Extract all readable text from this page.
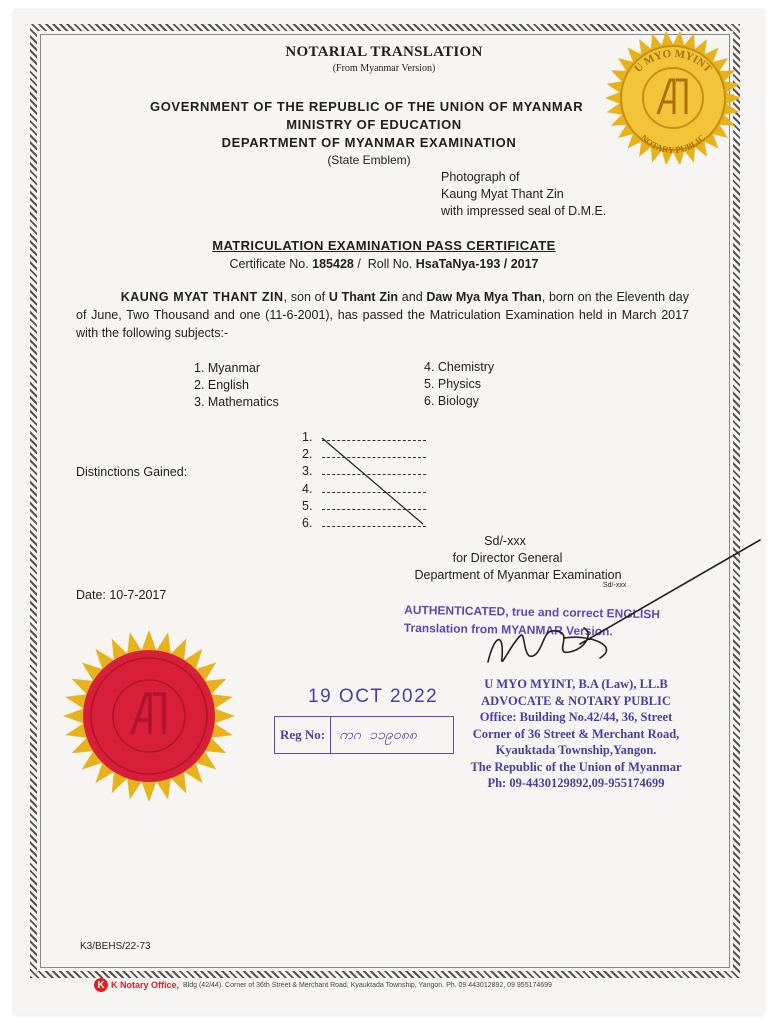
NOTARIAL TRANSLATION
(From Myanmar Version)
GOVERNMENT OF THE REPUBLIC OF THE UNION OF MYANMAR
MINISTRY OF EDUCATION
DEPARTMENT OF MYANMAR EXAMINATION
(State Emblem)
Photograph of
Kaung Myat Thant Zin
with impressed seal of D.M.E.
MATRICULATION EXAMINATION PASS CERTIFICATE
Certificate No. 185428 /  Roll No. HsaTaNya-193 / 2017
KAUNG MYAT THANT ZIN, son of U Thant Zin and Daw Mya Mya Than, born on the Eleventh day of June, Two Thousand and one (11-6-2001), has passed the Matriculation Examination held in March 2017 with the following subjects:-
1. Myanmar
2. English
3. Mathematics
4. Chemistry
5. Physics
6. Biology
Distinctions Gained:
1.
2.
3.
4.
5.
6.
Sd/-xxx
for Director General
Department of Myanmar Examination
Sd/-xxx
Date: 10-7-2017
AUTHENTICATED, true and correct ENGLISH
Translation from MYANMAR Version.
19 OCT 2022
Reg No:	ကဂ ၁၁၉၀၈၈
U MYO MYINT, B.A (Law), LL.B
ADVOCATE & NOTARY PUBLIC
Office: Building No.42/44, 36, Street
Corner of 36 Street & Merchant Road,
Kyauktada Township,Yangon.
The Republic of the Union of Myanmar
Ph: 09-4430129892,09-955174699
U MYO MYINT
NOTARY PUBLIC
K3/BEHS/22-73
K K Notary Office, Bldg (42/44). Corner of 36th Street & Merchant Road, Kyauktada Township, Yangon. Ph. 09 443012892, 09 955174699
